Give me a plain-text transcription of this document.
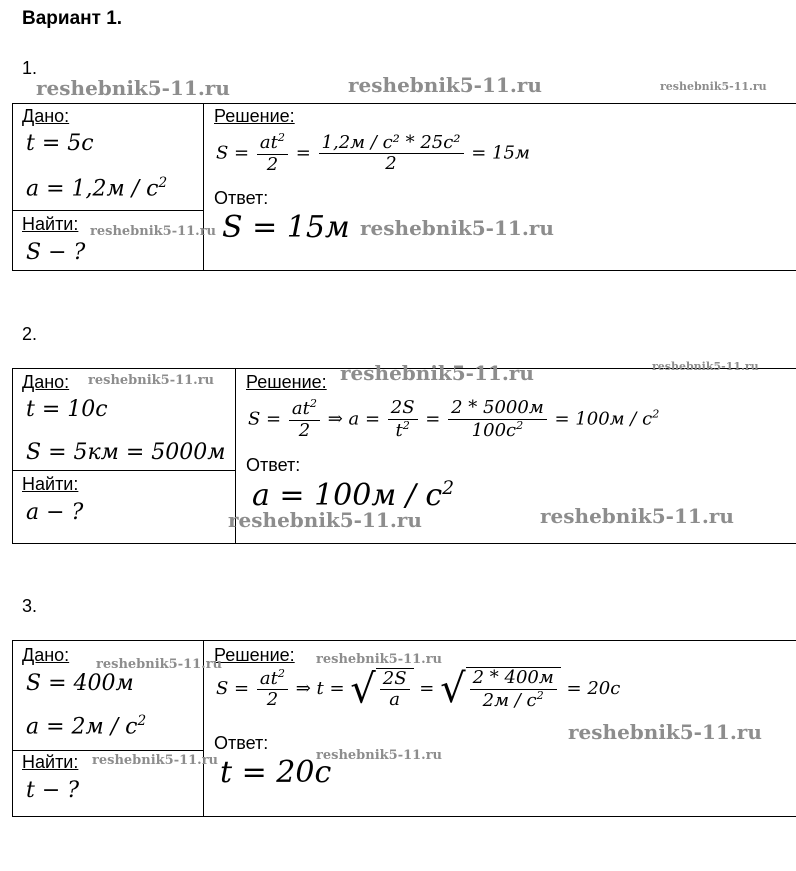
Вариант 1.
1.
Дано:
t = 5c
$a = 1,2м / c^2$
Найти:
S − ?
Решение:
$S = \frac{at^2}{2} = \frac{\text{1,2м / c² * 25c²}}{2} = 15м$
Ответ:
S = 15м
2.
Дано:
t = 10c
S = 5км = 5000м
Найти:
a − ?
Решение:
$S = \frac{at^2}{2}$ ⇒ $a = \frac{2S}{t^2} = \frac{2 * 5000м}{100c^2} = 100м / c^2$
Ответ:
$a = 100м / c^2$
3.
Дано:
S = 400м
$a = 2м / c^2$
Найти:
t − ?
Решение:
$S = \frac{at^2}{2}$ ⇒ t = √ $\frac{2S}{a}$ = √ $\frac{2 * 400м}{2м / c^2} = 20c$
Ответ:
t = 20c
reshebnik5-11.ru	reshebnik5-11.ru	reshebnik5-11.ru
reshebnik5-11.ru	reshebnik5-11.ru
reshebnik5-11.ru	reshebnik5-11.ru	reshebnik5-11.ru
reshebnik5-11.ru	reshebnik5-11.ru
reshebnik5-11.ru	reshebnik5-11.ru
reshebnik5-11.ru
reshebnik5-11.ru	reshebnik5-11.ru
